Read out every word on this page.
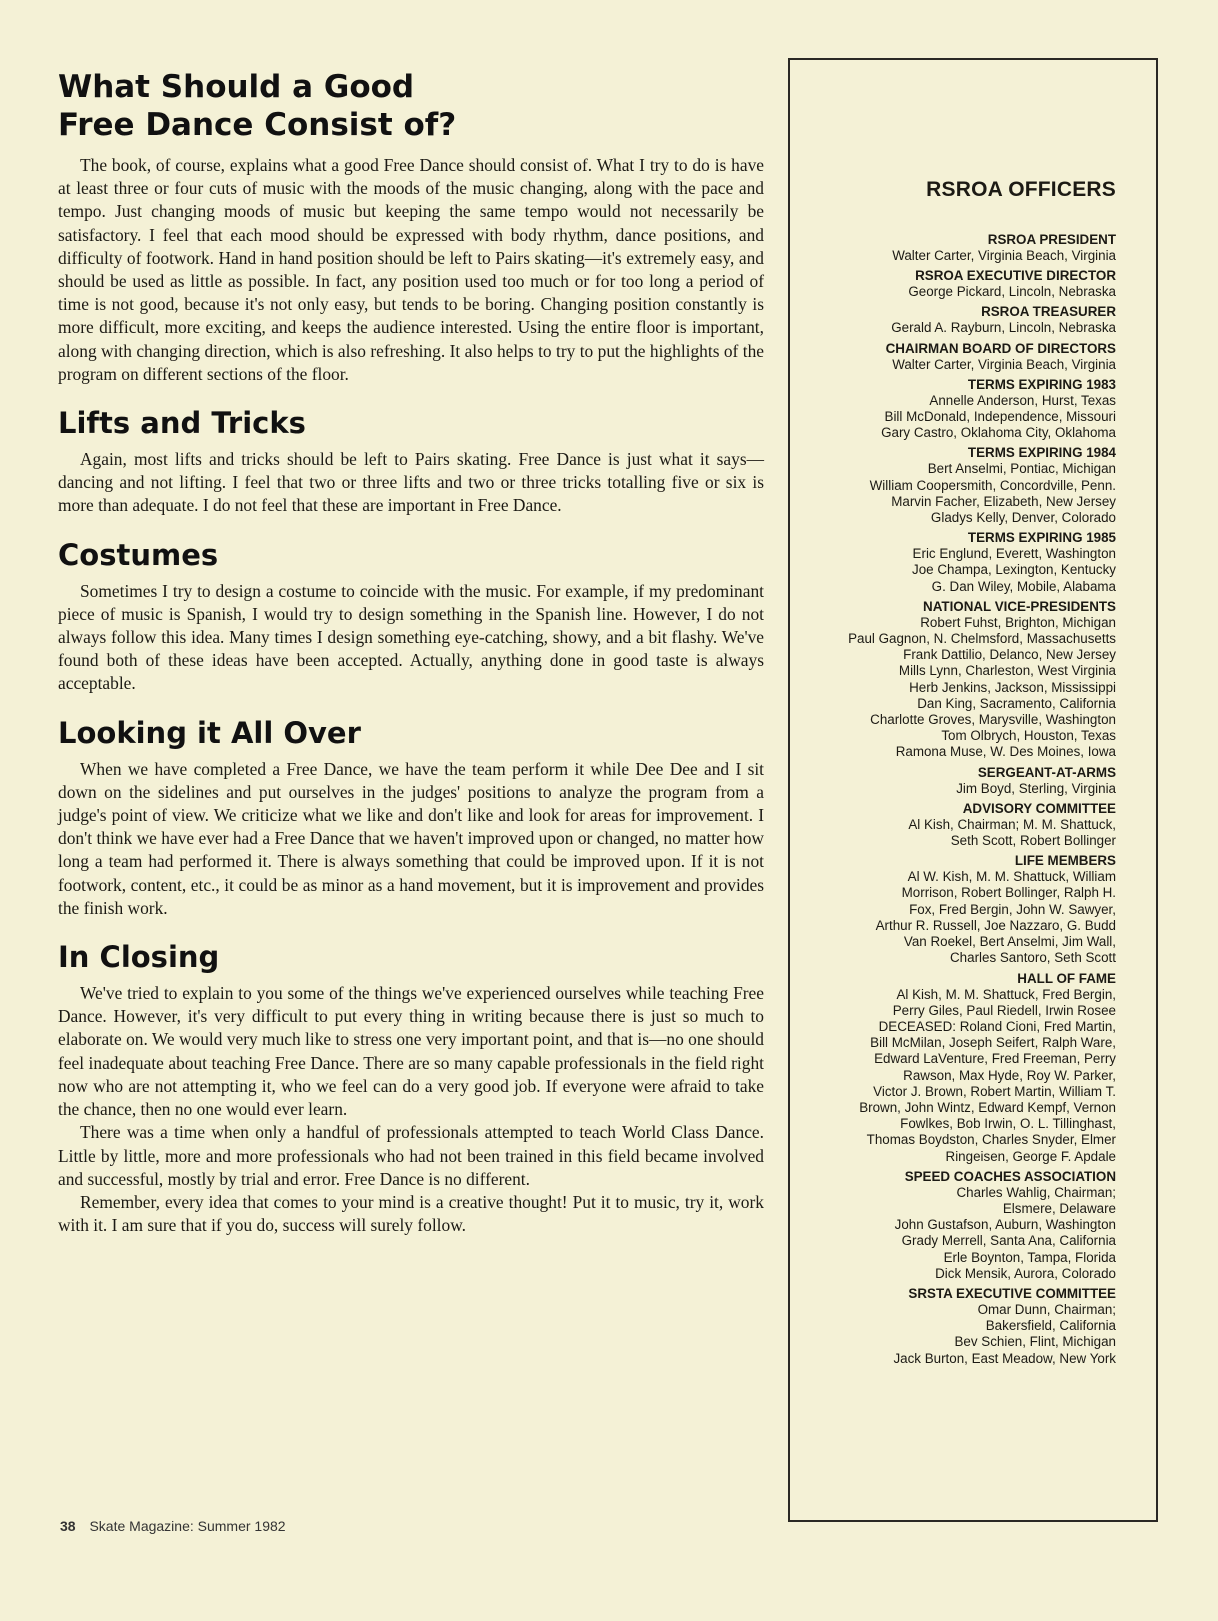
What Should a Good
Free Dance Consist of?

The book, of course, explains what a good Free Dance should consist of. What I try to do is have at least three or four cuts of music with the moods of the music changing, along with the pace and tempo. Just changing moods of music but keeping the same tempo would not necessarily be satisfactory. I feel that each mood should be expressed with body rhythm, dance positions, and difficulty of footwork. Hand in hand position should be left to Pairs skating—it's extremely easy, and should be used as little as possible. In fact, any position used too much or for too long a period of time is not good, because it's not only easy, but tends to be boring. Changing position constantly is more difficult, more exciting, and keeps the audience interested. Using the entire floor is important, along with changing direction, which is also refreshing. It also helps to try to put the highlights of the program on different sections of the floor.

Lifts and Tricks

Again, most lifts and tricks should be left to Pairs skating. Free Dance is just what it says—dancing and not lifting. I feel that two or three lifts and two or three tricks totalling five or six is more than adequate. I do not feel that these are important in Free Dance.

Costumes

Sometimes I try to design a costume to coincide with the music. For example, if my predominant piece of music is Spanish, I would try to design something in the Spanish line. However, I do not always follow this idea. Many times I design something eye-catching, showy, and a bit flashy. We've found both of these ideas have been accepted. Actually, anything done in good taste is always acceptable.

Looking it All Over

When we have completed a Free Dance, we have the team perform it while Dee Dee and I sit down on the sidelines and put ourselves in the judges' positions to analyze the program from a judge's point of view. We criticize what we like and don't like and look for areas for improvement. I don't think we have ever had a Free Dance that we haven't improved upon or changed, no matter how long a team had performed it. There is always something that could be improved upon. If it is not footwork, content, etc., it could be as minor as a hand movement, but it is improvement and provides the finish work.

In Closing

We've tried to explain to you some of the things we've experienced ourselves while teaching Free Dance. However, it's very difficult to put every thing in writing because there is just so much to elaborate on. We would very much like to stress one very important point, and that is—no one should feel inadequate about teaching Free Dance. There are so many capable professionals in the field right now who are not attempting it, who we feel can do a very good job. If everyone were afraid to take the chance, then no one would ever learn.

There was a time when only a handful of professionals attempted to teach World Class Dance. Little by little, more and more professionals who had not been trained in this field became involved and successful, mostly by trial and error. Free Dance is no different.

Remember, every idea that comes to your mind is a creative thought! Put it to music, try it, work with it. I am sure that if you do, success will surely follow.

RSROA OFFICERS
RSROA PRESIDENT
Walter Carter, Virginia Beach, Virginia
RSROA EXECUTIVE DIRECTOR
George Pickard, Lincoln, Nebraska
RSROA TREASURER
Gerald A. Rayburn, Lincoln, Nebraska
CHAIRMAN BOARD OF DIRECTORS
Walter Carter, Virginia Beach, Virginia
TERMS EXPIRING 1983
Annelle Anderson, Hurst, Texas
Bill McDonald, Independence, Missouri
Gary Castro, Oklahoma City, Oklahoma
TERMS EXPIRING 1984
Bert Anselmi, Pontiac, Michigan
William Coopersmith, Concordville, Penn.
Marvin Facher, Elizabeth, New Jersey
Gladys Kelly, Denver, Colorado
TERMS EXPIRING 1985
Eric Englund, Everett, Washington
Joe Champa, Lexington, Kentucky
G. Dan Wiley, Mobile, Alabama
NATIONAL VICE-PRESIDENTS
Robert Fuhst, Brighton, Michigan
Paul Gagnon, N. Chelmsford, Massachusetts
Frank Dattilio, Delanco, New Jersey
Mills Lynn, Charleston, West Virginia
Herb Jenkins, Jackson, Mississippi
Dan King, Sacramento, California
Charlotte Groves, Marysville, Washington
Tom Olbrych, Houston, Texas
Ramona Muse, W. Des Moines, Iowa
SERGEANT-AT-ARMS
Jim Boyd, Sterling, Virginia
ADVISORY COMMITTEE
Al Kish, Chairman; M. M. Shattuck,
Seth Scott, Robert Bollinger
LIFE MEMBERS
Al W. Kish, M. M. Shattuck, William
Morrison, Robert Bollinger, Ralph H.
Fox, Fred Bergin, John W. Sawyer,
Arthur R. Russell, Joe Nazzaro, G. Budd
Van Roekel, Bert Anselmi, Jim Wall,
Charles Santoro, Seth Scott
HALL OF FAME
Al Kish, M. M. Shattuck, Fred Bergin,
Perry Giles, Paul Riedell, Irwin Rosee
DECEASED: Roland Cioni, Fred Martin,
Bill McMilan, Joseph Seifert, Ralph Ware,
Edward LaVenture, Fred Freeman, Perry
Rawson, Max Hyde, Roy W. Parker,
Victor J. Brown, Robert Martin, William T.
Brown, John Wintz, Edward Kempf, Vernon
Fowlkes, Bob Irwin, O. L. Tillinghast,
Thomas Boydston, Charles Snyder, Elmer
Ringeisen, George F. Apdale
SPEED COACHES ASSOCIATION
Charles Wahlig, Chairman;
Elsmere, Delaware
John Gustafson, Auburn, Washington
Grady Merrell, Santa Ana, California
Erle Boynton, Tampa, Florida
Dick Mensik, Aurora, Colorado
SRSTA EXECUTIVE COMMITTEE
Omar Dunn, Chairman;
Bakersfield, California
Bev Schien, Flint, Michigan
Jack Burton, East Meadow, New York
38 Skate Magazine: Summer 1982
